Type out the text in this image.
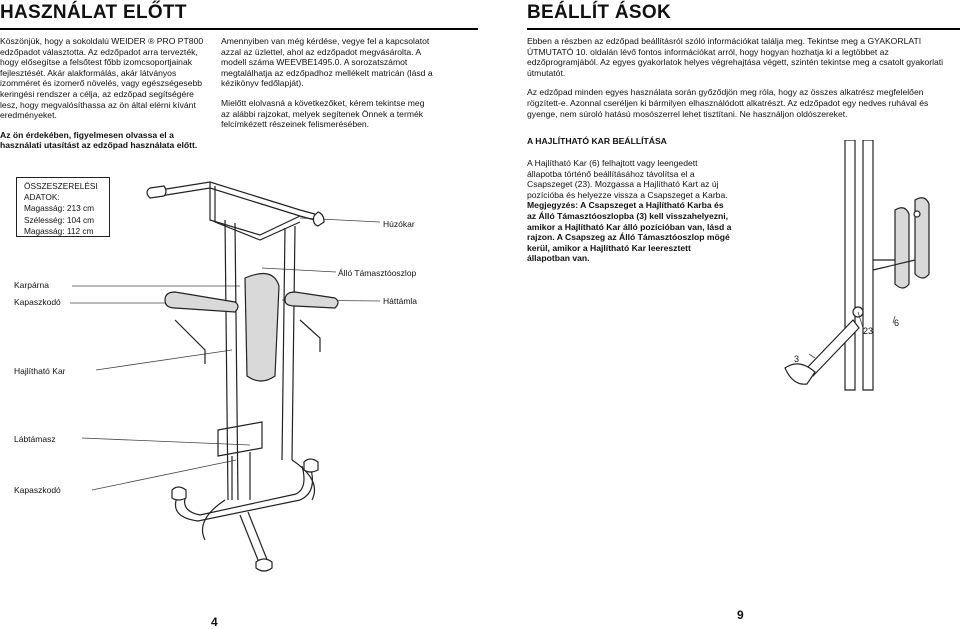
HASZNÁLAT ELŐTT	BEÁLLÍT ÁSOK

Köszönjük, hogy a sokoldalú WEIDER ® PRO PT800 edzőpadot választotta. Az edzőpadot arra tervezték, hogy elősegítse a felsőtest főbb izomcsoportjainak fejlesztését. Akár alakformálás, akár látványos izomméret és izomerő növelés, vagy egészségesebb keringési rendszer a célja, az edzőpad segítségére lesz, hogy megvalósíthassa az ön által elérni kívánt eredményeket.

Az ön érdekében, figyelmesen olvassa el a használati utasítást az edzőpad használata előtt.

Amennyiben van még kérdése, vegye fel a kapcsolatot azzal az üzlettel, ahol az edzőpadot megvásárolta. A modell száma WEEVBE1495.0. A sorozatszámot megtalálhatja az edzőpadhoz mellékelt matricán (lásd a kézikönyv fedőlapját).

Mielőtt elolvasná a következőket, kérem tekintse meg az alábbi rajzokat, melyek segítenek Önnek a termék felcímkézett részeinek felismerésében.

ÖSSZESZERELÉSI ADATOK:
Magasság: 213 cm
Szélesség: 104 cm
Magasság: 112 cm
Karpárna
Kapaszkodó
Hajlítható Kar
Lábtámasz
Kapaszkodó
Húzókar
Álló Támasztóoszlop
Háttámla

Ebben a részben az edzőpad beállításról szóló információkat találja meg. Tekintse meg a GYAKORLATI ÚTMUTATÓ 10. oldalán lévő fontos információkat arról, hogy hogyan hozhatja ki a legtöbbet az edzőprogramjából. Az egyes gyakorlatok helyes végrehajtása végett, szintén tekintse meg a csatolt gyakorlati útmutatót.

Az edzőpad minden egyes használata során győződjön meg róla, hogy az összes alkatrész megfelelően rögzített-e. Azonnal cseréljen ki bármilyen elhasználódott alkatrészt. Az edzőpadot egy nedves ruhával és gyenge, nem súroló hatású mosószerrel lehet tisztítani. Ne használjon oldószereket.

A HAJLÍTHATÓ KAR BEÁLLÍTÁSA

A Hajlítható Kar (6) felhajtott vagy leengedett állapotba történő beállításához távolítsa el a Csapszeget (23). Mozgassa a Hajlítható Kart az új pozícióba és helyezze vissza a Csapszeget a Karba.

Megjegyzés: A Csapszeget a Hajlítható Karba és az Álló Támasztóoszlopba (3) kell visszahelyezni, amikor a Hajlítható Kar álló pozícióban van, lásd a rajzon. A Csapszeg az Álló Támasztóoszlop mögé kerül, amikor a Hajlítható Kar leeresztett állapotban van.

23
6
3
4	9
